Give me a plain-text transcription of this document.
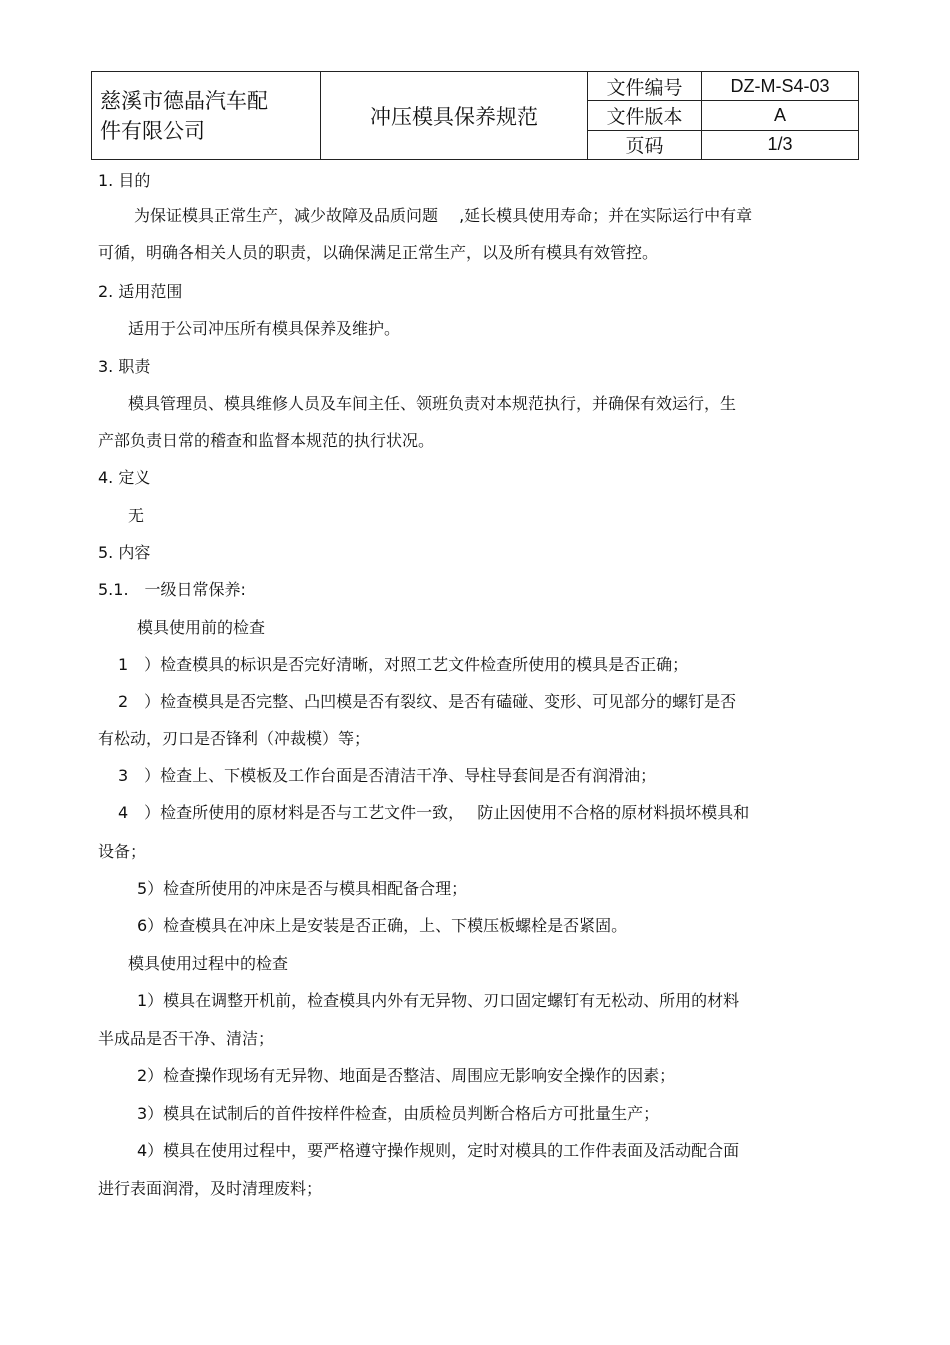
慈溪市德晶汽车配
件有限公司	冲压模具保养规范	文件编号	DZ-M-S4-03
		文件版本	A
		页码	1/3
1. 目的
为保证模具正常生产，减少故障及品质问题　 ,延长模具使用寿命；并在实际运行中有章
可循，明确各相关人员的职责，以确保满足正常生产，以及所有模具有效管控。
2. 适用范围
适用于公司冲压所有模具保养及维护。
3. 职责
模具管理员、模具维修人员及车间主任、领班负责对本规范执行，并确保有效运行，生
产部负责日常的稽查和监督本规范的执行状况。
4. 定义
无
5. 内容
5.1.　一级日常保养:
模具使用前的检查
1　）检查模具的标识是否完好清晰，对照工艺文件检查所使用的模具是否正确；
2　）检查模具是否完整、凸凹模是否有裂纹、是否有磕碰、变形、可见部分的螺钉是否
有松动，刃口是否锋利（冲裁模）等；
3　）检查上、下模板及工作台面是否清洁干净、导柱导套间是否有润滑油；
4　）检查所使用的原材料是否与工艺文件一致，　 防止因使用不合格的原材料损坏模具和
设备；
5）检查所使用的冲床是否与模具相配备合理；
6）检查模具在冲床上是安装是否正确，上、下模压板螺栓是否紧固。
模具使用过程中的检查
1）模具在调整开机前，检查模具内外有无异物、刃口固定螺钉有无松动、所用的材料
半成品是否干净、清洁；
2）检查操作现场有无异物、地面是否整洁、周围应无影响安全操作的因素；
3）模具在试制后的首件按样件检查，由质检员判断合格后方可批量生产；
4）模具在使用过程中，要严格遵守操作规则，定时对模具的工作件表面及活动配合面
进行表面润滑，及时清理废料；
